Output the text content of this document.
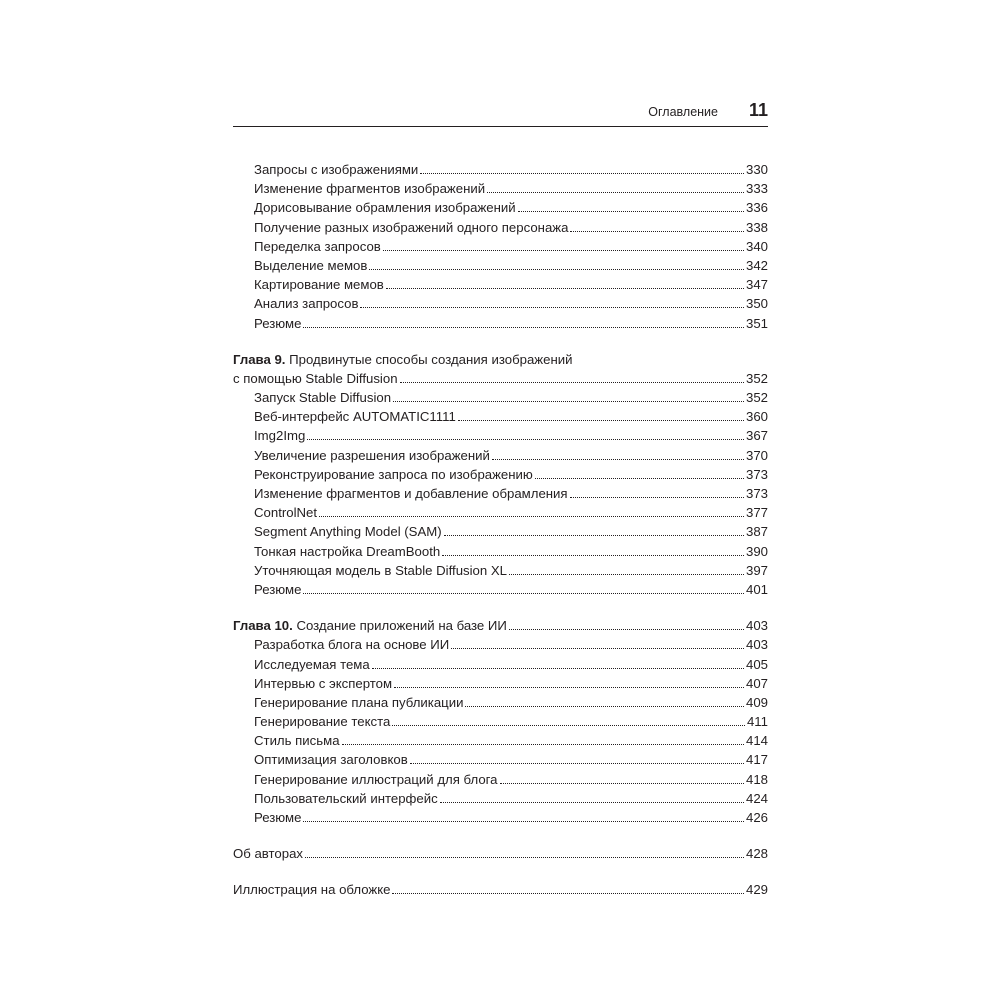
Оглавление 11
Запросы с изображениями	330
Изменение фрагментов изображений	333
Дорисовывание обрамления изображений	336
Получение разных изображений одного персонажа	338
Переделка запросов	340
Выделение мемов	342
Картирование мемов	347
Анализ запросов	350
Резюме	351
Глава 9. Продвинутые способы создания изображений
с помощью Stable Diffusion	352
Запуск Stable Diffusion	352
Веб-интерфейс AUTOMATIC1111	360
Img2Img	367
Увеличение разрешения изображений	370
Реконструирование запроса по изображению	373
Изменение фрагментов и добавление обрамления	373
ControlNet	377
Segment Anything Model (SAM)	387
Тонкая настройка DreamBooth	390
Уточняющая модель в Stable Diffusion XL	397
Резюме	401
Глава 10. Создание приложений на базе ИИ	403
Разработка блога на основе ИИ	403
Исследуемая тема	405
Интервью с экспертом	407
Генерирование плана публикации	409
Генерирование текста	411
Стиль письма	414
Оптимизация заголовков	417
Генерирование иллюстраций для блога	418
Пользовательский интерфейс	424
Резюме	426
Об авторах	428
Иллюстрация на обложке	429
